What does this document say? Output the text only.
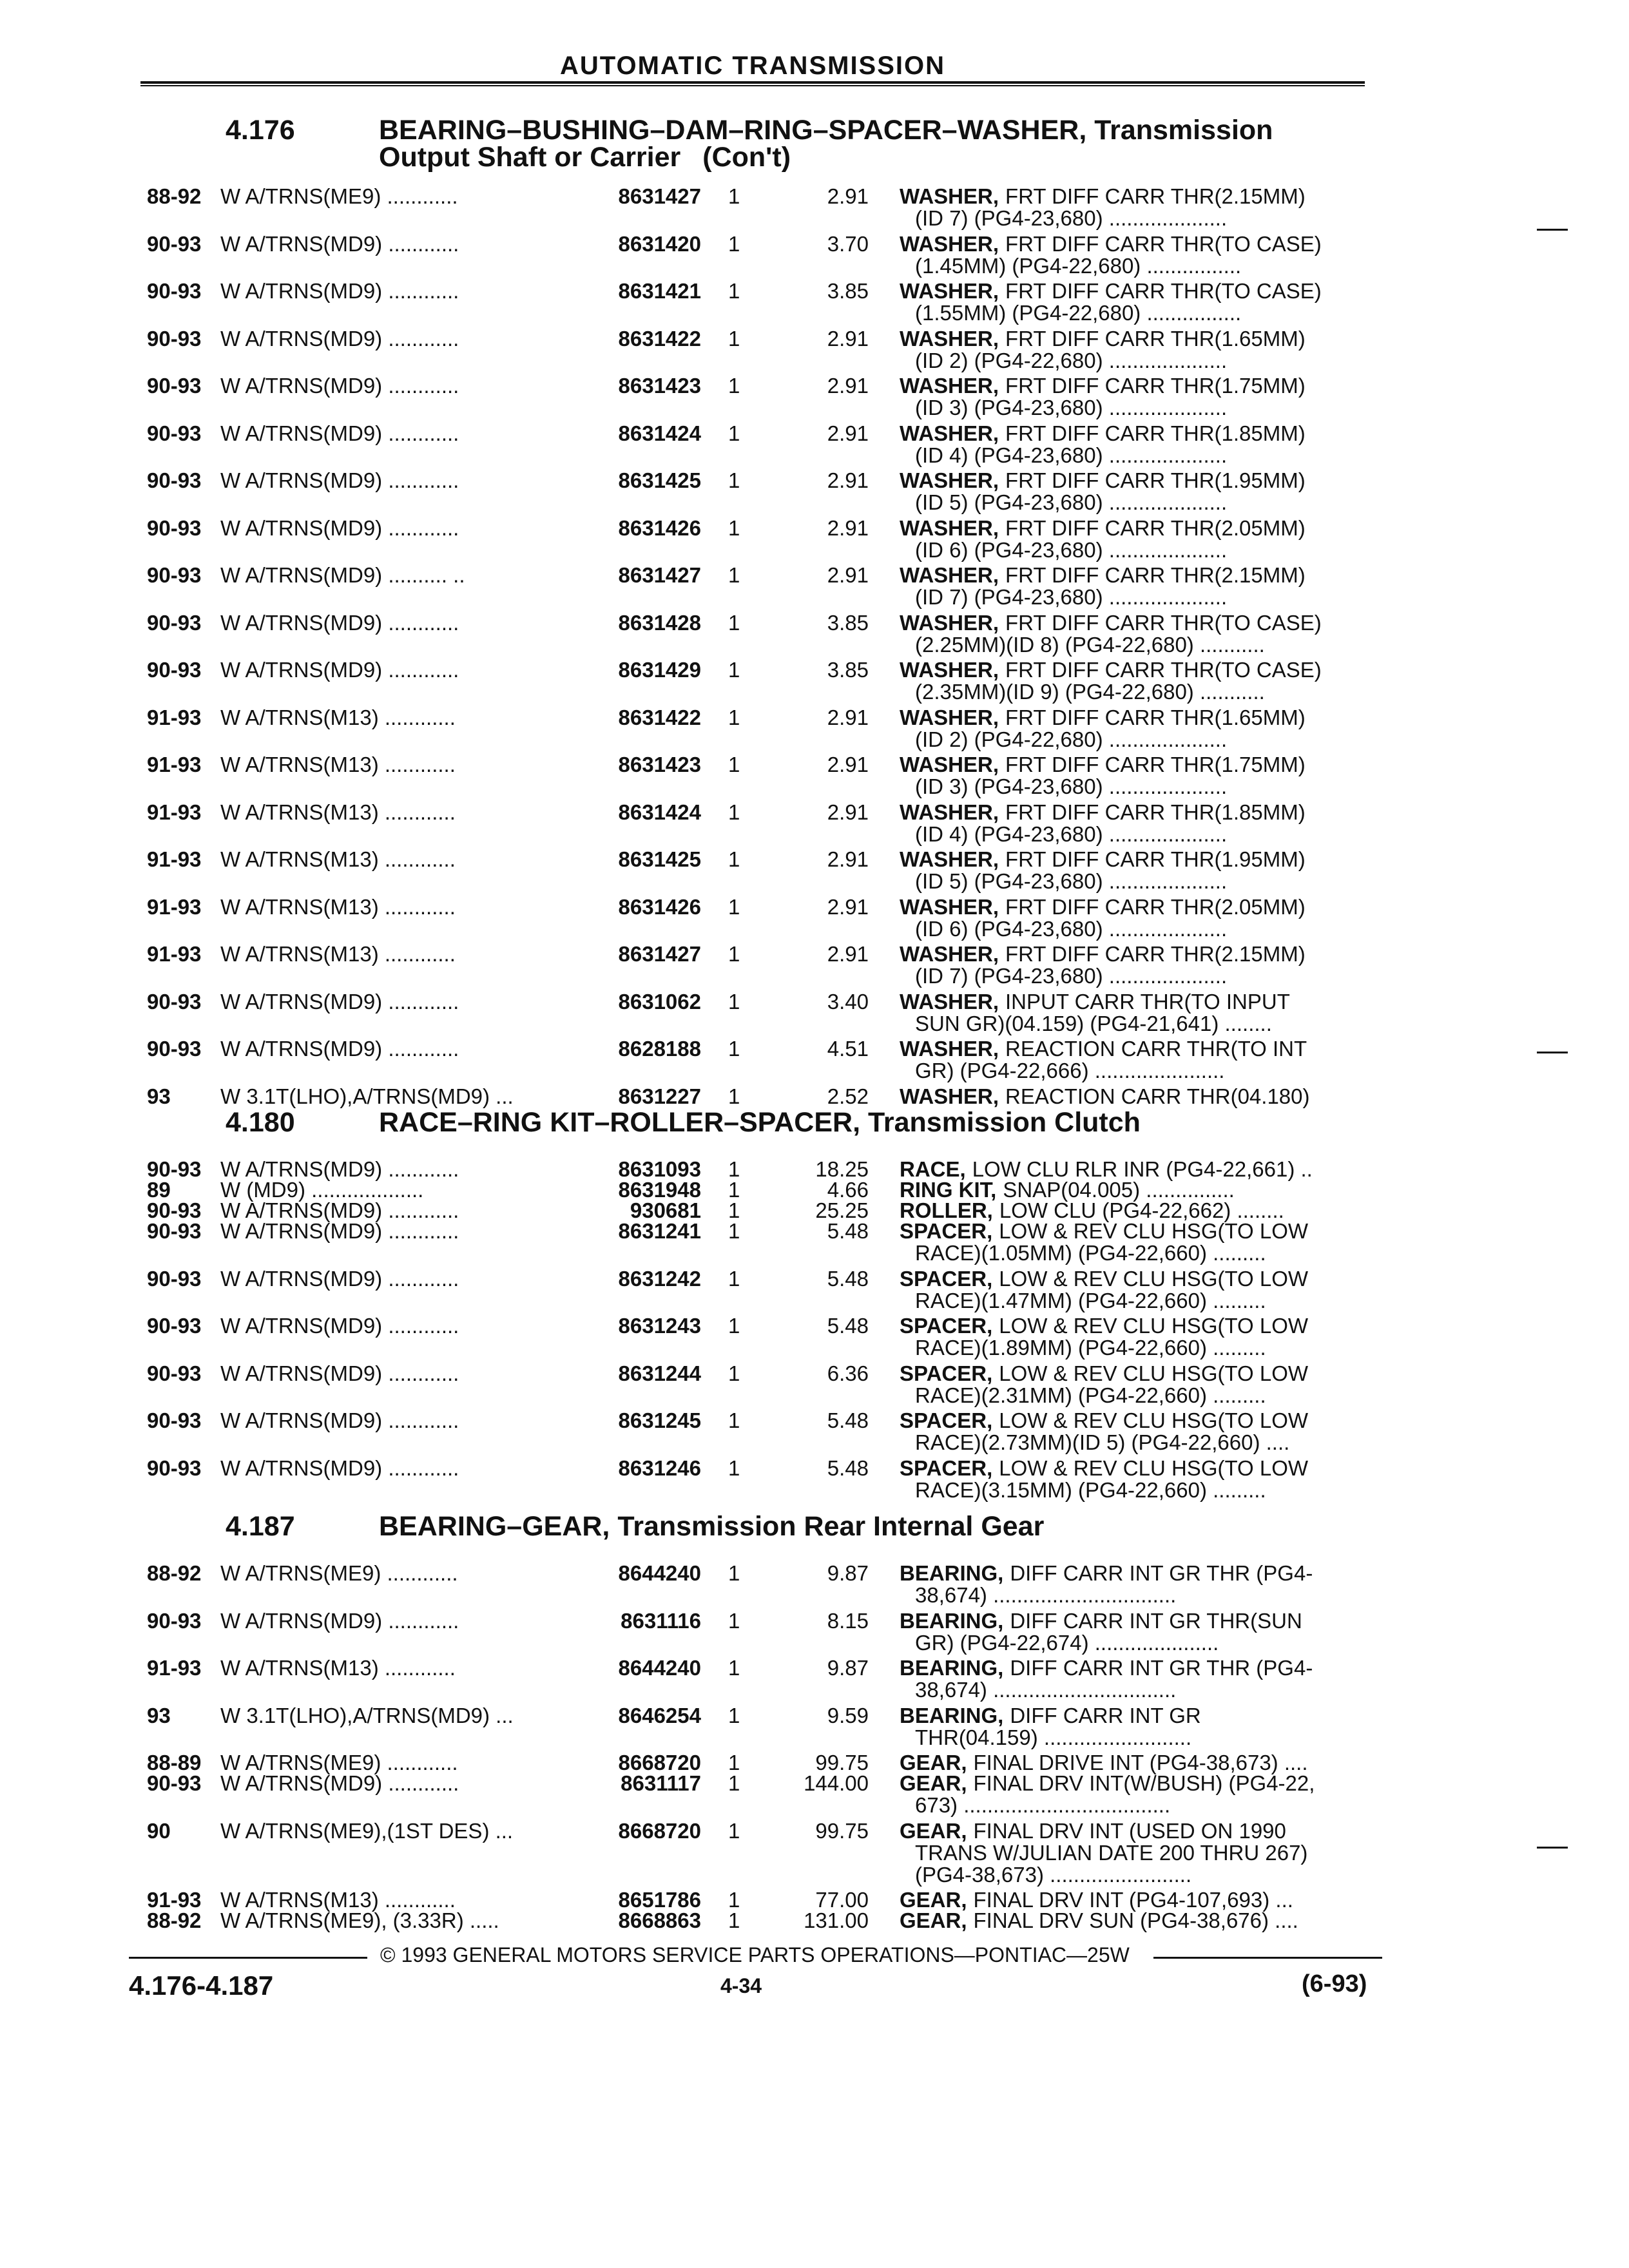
AUTOMATIC TRANSMISSION
4.176	BEARING–BUSHING–DAM–RING–SPACER–WASHER, Transmission
Output Shaft or Carrier (Con't)
88-92 W A/TRNS(ME9) ............	8631427 1	2.91 WASHER, FRT DIFF CARR THR(2.15MM)
(ID 7) (PG4-23,680) ....................
90-93 W A/TRNS(MD9) ............	8631420 1	3.70 WASHER, FRT DIFF CARR THR(TO CASE)
(1.45MM) (PG4-22,680) ................
90-93 W A/TRNS(MD9) ............	8631421 1	3.85 WASHER, FRT DIFF CARR THR(TO CASE)
(1.55MM) (PG4-22,680) ................
90-93 W A/TRNS(MD9) ............	8631422 1	2.91 WASHER, FRT DIFF CARR THR(1.65MM)
(ID 2) (PG4-22,680) ....................
90-93 W A/TRNS(MD9) ............	8631423 1	2.91 WASHER, FRT DIFF CARR THR(1.75MM)
(ID 3) (PG4-23,680) ....................
90-93 W A/TRNS(MD9) ............	8631424 1	2.91 WASHER, FRT DIFF CARR THR(1.85MM)
(ID 4) (PG4-23,680) ....................
90-93 W A/TRNS(MD9) ............	8631425 1	2.91 WASHER, FRT DIFF CARR THR(1.95MM)
(ID 5) (PG4-23,680) ....................
90-93 W A/TRNS(MD9) ............	8631426 1	2.91 WASHER, FRT DIFF CARR THR(2.05MM)
(ID 6) (PG4-23,680) ....................
90-93 W A/TRNS(MD9) .......... ..	8631427 1	2.91 WASHER, FRT DIFF CARR THR(2.15MM)
(ID 7) (PG4-23,680) ....................
90-93 W A/TRNS(MD9) ............	8631428 1	3.85 WASHER, FRT DIFF CARR THR(TO CASE)
(2.25MM)(ID 8) (PG4-22,680) ...........
90-93 W A/TRNS(MD9) ............	8631429 1	3.85 WASHER, FRT DIFF CARR THR(TO CASE)
(2.35MM)(ID 9) (PG4-22,680) ...........
91-93 W A/TRNS(M13) ............	8631422 1	2.91 WASHER, FRT DIFF CARR THR(1.65MM)
(ID 2) (PG4-22,680) ....................
91-93 W A/TRNS(M13) ............	8631423 1	2.91 WASHER, FRT DIFF CARR THR(1.75MM)
(ID 3) (PG4-23,680) ....................
91-93 W A/TRNS(M13) ............	8631424 1	2.91 WASHER, FRT DIFF CARR THR(1.85MM)
(ID 4) (PG4-23,680) ....................
91-93 W A/TRNS(M13) ............	8631425 1	2.91 WASHER, FRT DIFF CARR THR(1.95MM)
(ID 5) (PG4-23,680) ....................
91-93 W A/TRNS(M13) ............	8631426 1	2.91 WASHER, FRT DIFF CARR THR(2.05MM)
(ID 6) (PG4-23,680) ....................
91-93 W A/TRNS(M13) ............	8631427 1	2.91 WASHER, FRT DIFF CARR THR(2.15MM)
(ID 7) (PG4-23,680) ....................
90-93 W A/TRNS(MD9) ............	8631062 1	3.40 WASHER, INPUT CARR THR(TO INPUT
SUN GR)(04.159) (PG4-21,641) ........
90-93 W A/TRNS(MD9) ............	8628188 1	4.51 WASHER, REACTION CARR THR(TO INT
GR) (PG4-22,666) ......................
93 W 3.1T(LHO),A/TRNS(MD9) ...	8631227 1	2.52 WASHER, REACTION CARR THR(04.180)
4.180	RACE–RING KIT–ROLLER–SPACER, Transmission Clutch
90-93 W A/TRNS(MD9) ............	8631093 1	18.25 RACE, LOW CLU RLR INR (PG4-22,661) ..
89 W (MD9) ...................	8631948 1	4.66 RING KIT, SNAP(04.005) ...............
90-93 W A/TRNS(MD9) ............	930681 1	25.25 ROLLER, LOW CLU (PG4-22,662) ........
90-93 W A/TRNS(MD9) ............	8631241 1	5.48 SPACER, LOW & REV CLU HSG(TO LOW
RACE)(1.05MM) (PG4-22,660) .........
90-93 W A/TRNS(MD9) ............	8631242 1	5.48 SPACER, LOW & REV CLU HSG(TO LOW
RACE)(1.47MM) (PG4-22,660) .........
90-93 W A/TRNS(MD9) ............	8631243 1	5.48 SPACER, LOW & REV CLU HSG(TO LOW
RACE)(1.89MM) (PG4-22,660) .........
90-93 W A/TRNS(MD9) ............	8631244 1	6.36 SPACER, LOW & REV CLU HSG(TO LOW
RACE)(2.31MM) (PG4-22,660) .........
90-93 W A/TRNS(MD9) ............	8631245 1	5.48 SPACER, LOW & REV CLU HSG(TO LOW
RACE)(2.73MM)(ID 5) (PG4-22,660) ....
90-93 W A/TRNS(MD9) ............	8631246 1	5.48 SPACER, LOW & REV CLU HSG(TO LOW
RACE)(3.15MM) (PG4-22,660) .........
4.187	BEARING–GEAR, Transmission Rear Internal Gear
88-92 W A/TRNS(ME9) ............	8644240 1	9.87 BEARING, DIFF CARR INT GR THR (PG4-
38,674) ...............................
90-93 W A/TRNS(MD9) ............	8631116 1	8.15 BEARING, DIFF CARR INT GR THR(SUN
GR) (PG4-22,674) .....................
91-93 W A/TRNS(M13) ............	8644240 1	9.87 BEARING, DIFF CARR INT GR THR (PG4-
38,674) ...............................
93 W 3.1T(LHO),A/TRNS(MD9) ...	8646254 1	9.59 BEARING, DIFF CARR INT GR
THR(04.159) .........................
88-89 W A/TRNS(ME9) ............	8668720 1	99.75 GEAR, FINAL DRIVE INT (PG4-38,673) ....
90-93 W A/TRNS(MD9) ............	8631117 1	144.00 GEAR, FINAL DRV INT(W/BUSH) (PG4-22,
673) ...................................
90 W A/TRNS(ME9),(1ST DES) ...	8668720 1	99.75 GEAR, FINAL DRV INT (USED ON 1990
TRANS W/JULIAN DATE 200 THRU 267)
(PG4-38,673) ........................
91-93 W A/TRNS(M13) ............	8651786 1	77.00 GEAR, FINAL DRV INT (PG4-107,693) ...
88-92 W A/TRNS(ME9), (3.33R) .....	8668863 1	131.00 GEAR, FINAL DRV SUN (PG4-38,676) ....
© 1993 GENERAL MOTORS SERVICE PARTS OPERATIONS—PONTIAC—25W
4.176-4.187	4-34	(6-93)
